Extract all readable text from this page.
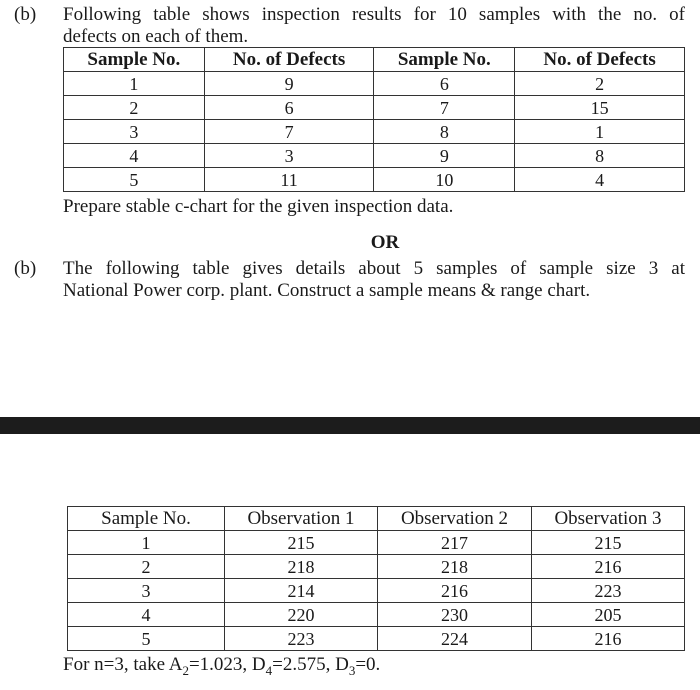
(b) Following table shows inspection results for 10 samples with the no. of
defects on each of them.
Sample No.	No. of Defects	Sample No.	No. of Defects
1	9	6	2
2	6	7	15
3	7	8	1
4	3	9	8
5	11	10	4
Prepare stable c-chart for the given inspection data.
OR
(b) The following table gives details about 5 samples of sample size 3 at
National Power corp. plant. Construct a sample means & range chart.
Sample No.	Observation 1	Observation 2	Observation 3
1	215	217	215
2	218	218	216
3	214	216	223
4	220	230	205
5	223	224	216
For n=3, take $A_2=1.023$, $D_4=2.575$, $D_3=0$.
